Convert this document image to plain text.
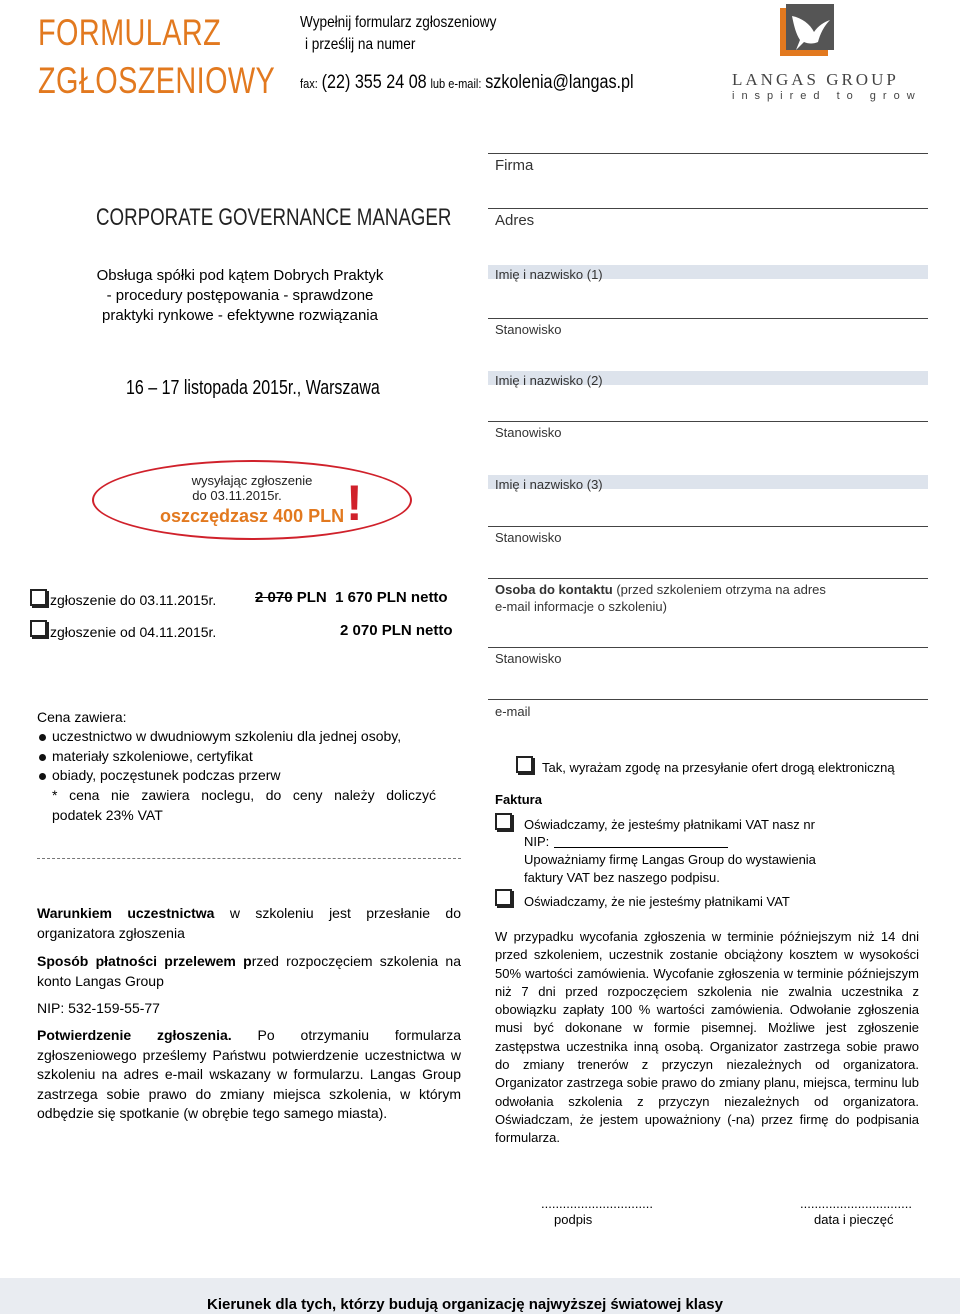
FORMULARZ
ZGŁOSZENIOWY
Wypełnij formularz zgłoszeniowy
i prześlij na numer
fax: (22) 355 24 08 lub e-mail: szkolenia@langas.pl	LANGAS GROUP
inspired to grow
CORPORATE GOVERNANCE MANAGER
Obsługa spółki pod kątem Dobrych Praktyk
- procedury postępowania - sprawdzone
praktyki rynkowe - efektywne rozwiązania
16 – 17 listopada 2015r., Warszawa
wysyłając zgłoszenie
do 03.11.2015r.
oszczędzasz 400 PLN !
zgłoszenie do 03.11.2015r.	2 070 PLN 1 670 PLN netto
zgłoszenie od 04.11.2015r.	2 070 PLN netto
Firma
Adres
Imię i nazwisko (1)
Stanowisko
Imię i nazwisko (2)
Stanowisko
Imię i nazwisko (3)
Stanowisko
Osoba do kontaktu (przed szkoleniem otrzyma na adres
e-mail informacje o szkoleniu)
Stanowisko
e-mail
Tak, wyrażam zgodę na przesyłanie ofert drogą elektroniczną
Faktura
Oświadczamy, że jesteśmy płatnikami VAT nasz nr
NIP:
Upoważniamy firmę Langas Group do wystawienia
faktury VAT bez naszego podpisu.
Oświadczamy, że nie jesteśmy płatnikami VAT
W przypadku wycofania zgłoszenia w terminie późniejszym niż 14 dni przed szkoleniem, uczestnik zostanie obciążony kosztem w wysokości 50% wartości zamówienia. Wycofanie zgłoszenia w terminie późniejszym niż 7 dni przed rozpoczęciem szkolenia nie zwalnia uczestnika z obowiązku zapłaty 100 % wartości zamówienia. Odwołanie zgłoszenia musi być dokonane w formie pisemnej. Możliwe jest zgłoszenie zastępstwa uczestnika inną osobą. Organizator zastrzega sobie prawo do zmiany trenerów z przyczyn niezależnych od organizatora. Organizator zastrzega sobie prawo do zmiany planu, miejsca, terminu lub odwołania szkolenia z przyczyn niezależnych od organizatora. Oświadczam, że jestem upoważniony (-na) przez firmę do podpisania formularza.
Cena zawiera:
uczestnictwo w dwudniowym szkoleniu dla jednej osoby,
materiały szkoleniowe, certyfikat
obiady, poczęstunek podczas przerw
* cena nie zawiera noclegu, do ceny należy doliczyć
podatek 23% VAT
Warunkiem uczestnictwa w szkoleniu jest przesłanie do organizatora zgłoszenia
Sposób płatności przelewem przed rozpoczęciem szkolenia na konto Langas Group
NIP: 532-159-55-77
Potwierdzenie zgłoszenia. Po otrzymaniu formularza zgłoszeniowego prześlemy Państwu potwierdzenie uczestnictwa w szkoleniu na adres e-mail wskazany w formularzu. Langas Group zastrzega sobie prawo do zmiany miejsca szkolenia, w którym odbędzie się spotkanie (w obrębie tego samego miasta).
...............................
podpis
...............................
data i pieczęć
Kierunek dla tych, którzy budują organizację najwyższej światowej klasy
